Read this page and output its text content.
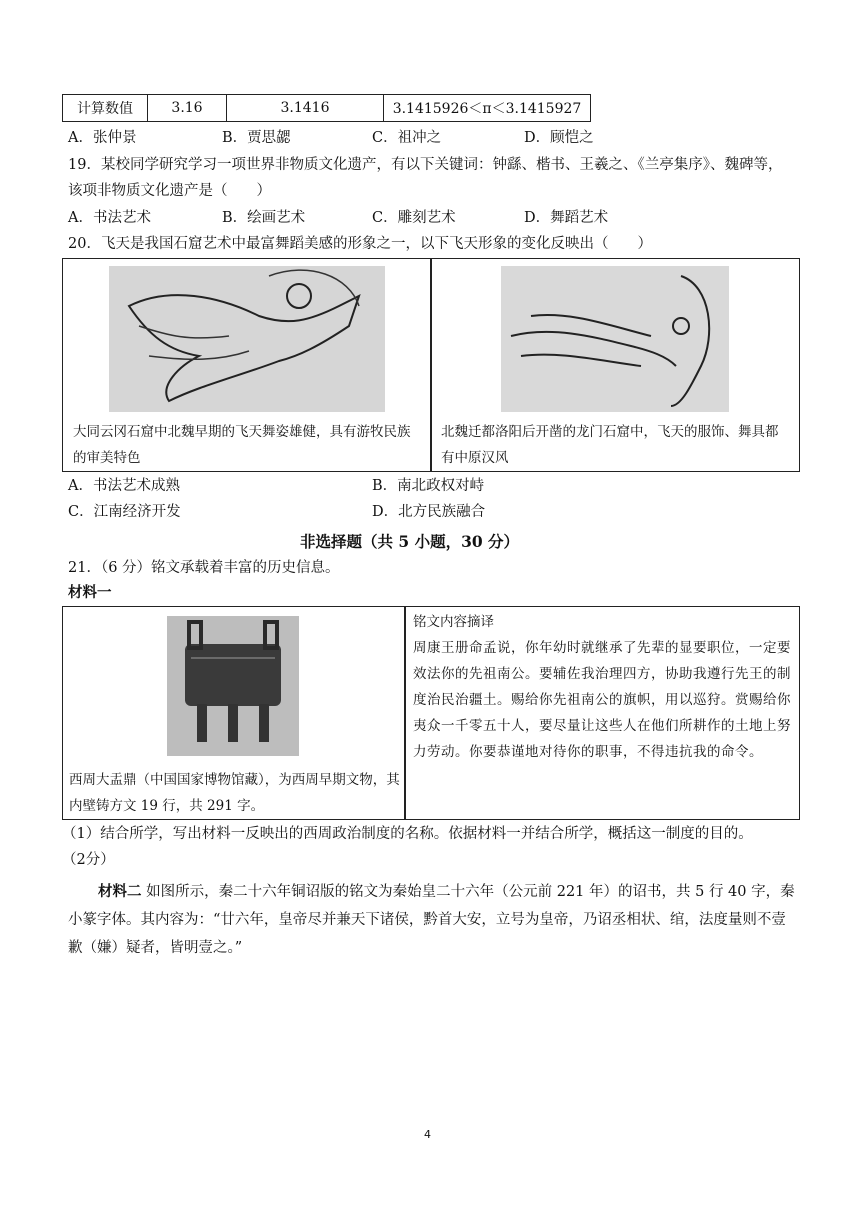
计算数值	3.16	3.1416	3.1415926＜π＜3.1415927
A．张仲景	B．贾思勰	C．祖冲之	D．顾恺之
19．某校同学研究学习一项世界非物质文化遗产，有以下关键词：钟繇、楷书、王羲之、《兰亭集序》、魏碑等，
该项非物质文化遗产是（　　）
A．书法艺术	B．绘画艺术	C．雕刻艺术	D．舞蹈艺术
20．飞天是我国石窟艺术中最富舞蹈美感的形象之一，以下飞天形象的变化反映出（　　）
大同云冈石窟中北魏早期的飞天舞姿雄健，具有游牧民族的审美特色
北魏迁都洛阳后开凿的龙门石窟中，飞天的服饰、舞具都有中原汉风
A．书法艺术成熟	B．南北政权对峙
C．江南经济开发	D．北方民族融合
非选择题（共 5 小题，30 分）
21．（6 分）铭文承载着丰富的历史信息。
材料一
西周大盂鼎（中国国家博物馆藏），为西周早期文物，其内壁铸方文 19 行，共 291 字。
铭文内容摘译
周康王册命孟说，你年幼时就继承了先辈的显要职位，一定要效法你的先祖南公。要辅佐我治理四方，协助我遵行先王的制度治民治疆土。赐给你先祖南公的旗帜，用以巡狩。赏赐给你夷众一千零五十人，要尽量让这些人在他们所耕作的土地上努力劳动。你要恭谨地对待你的职事，不得违抗我的命令。
（1）结合所学，写出材料一反映出的西周政治制度的名称。依据材料一并结合所学，概括这一制度的目的。
（2分）
材料二 如图所示，秦二十六年铜诏版的铭文为秦始皇二十六年（公元前 221 年）的诏书，共 5 行 40 字，秦小篆字体。其内容为：“廿六年，皇帝尽并兼天下诸侯，黔首大安，立号为皇帝，乃诏丞相状、绾，法度量则不壹歉（嫌）疑者，皆明壹之。”
4
